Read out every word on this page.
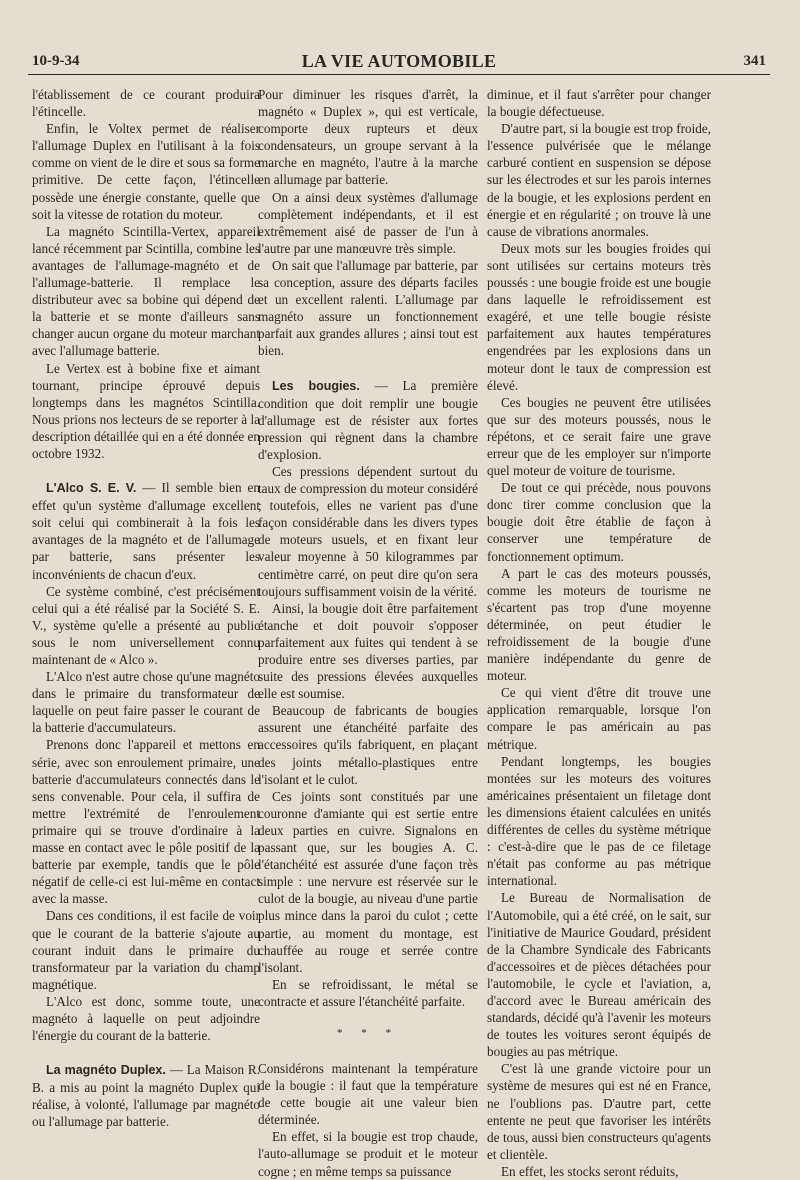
10-9-34	LA VIE AUTOMOBILE	341

l'établissement de ce courant produira l'étincelle.

Enfin, le Voltex permet de réaliser l'allumage Duplex en l'utilisant à la fois comme on vient de le dire et sous sa forme primitive. De cette façon, l'étincelle possède une énergie constante, quelle que soit la vitesse de rotation du moteur.

La magnéto Scintilla-Vertex, appareil lancé récemment par Scintilla, combine les avantages de l'allumage-magnéto et de l'allumage-batterie. Il remplace le distributeur avec sa bobine qui dépend de la batterie et se monte d'ailleurs sans changer aucun organe du moteur marchant avec l'allumage batterie.

Le Vertex est à bobine fixe et aimant tournant, principe éprouvé depuis longtemps dans les magnétos Scintilla. Nous prions nos lecteurs de se reporter à la description détaillée qui en a été donnée en octobre 1932.

L'Alco S. E. V. — Il semble bien en effet qu'un système d'allumage excellent soit celui qui combinerait à la fois les avantages de la magnéto et de l'allumage par batterie, sans présenter les inconvénients de chacun d'eux.

Ce système combiné, c'est précisément celui qui a été réalisé par la Société S. E. V., système qu'elle a présenté au public sous le nom universellement connu maintenant de « Alco ».

L'Alco n'est autre chose qu'une magnéto dans le primaire du transformateur de laquelle on peut faire passer le courant de la batterie d'accumulateurs.

Prenons donc l'appareil et mettons en série, avec son enroulement primaire, une batterie d'accumulateurs connectés dans le sens convenable. Pour cela, il suffira de mettre l'extrémité de l'enroulement primaire qui se trouve d'ordinaire à la masse en contact avec le pôle positif de la batterie par exemple, tandis que le pôle négatif de celle-ci est lui-même en contact avec la masse.

Dans ces conditions, il est facile de voir que le courant de la batterie s'ajoute au courant induit dans le primaire du transformateur par la variation du champ magnétique.

L'Alco est donc, somme toute, une magnéto à laquelle on peut adjoindre l'énergie du courant de la batterie.

La magnéto Duplex. — La Maison R. B. a mis au point la magnéto Duplex qui réalise, à volonté, l'allumage par magnéto ou l'allumage par batterie.

Pour diminuer les risques d'arrêt, la magnéto « Duplex », qui est verticale, comporte deux rupteurs et deux condensateurs, un groupe servant à la marche en magnéto, l'autre à la marche en allumage par batterie.

On a ainsi deux systèmes d'allumage complètement indépendants, et il est extrêmement aisé de passer de l'un à l'autre par une manœuvre très simple.

On sait que l'allumage par batterie, par sa conception, assure des départs faciles et un excellent ralenti. L'allumage par magnéto assure un fonctionnement parfait aux grandes allures ; ainsi tout est bien.

Les bougies. — La première condition que doit remplir une bougie d'allumage est de résister aux fortes pression qui règnent dans la chambre d'explosion.

Ces pressions dépendent surtout du taux de compression du moteur considéré ; toutefois, elles ne varient pas d'une façon considérable dans les divers types de moteurs usuels, et en fixant leur valeur moyenne à 50 kilogrammes par centimètre carré, on peut dire qu'on sera toujours suffisamment voisin de la vérité.

Ainsi, la bougie doit être parfaitement étanche et doit pouvoir s'opposer parfaitement aux fuites qui tendent à se produire entre ses diverses parties, par suite des pressions élevées auxquelles elle est soumise.

Beaucoup de fabricants de bougies assurent une étanchéité parfaite des accessoires qu'ils fabriquent, en plaçant des joints métallo-plastiques entre l'isolant et le culot.

Ces joints sont constitués par une couronne d'amiante qui est sertie entre deux parties en cuivre. Signalons en passant que, sur les bougies A. C. l'étanchéité est assurée d'une façon très simple : une nervure est réservée sur le culot de la bougie, au niveau d'une partie plus mince dans la paroi du culot ; cette partie, au moment du montage, est chauffée au rouge et serrée contre l'isolant.

En se refroidissant, le métal se contracte et assure l'étanchéité parfaite.

* * *

Considérons maintenant la température de la bougie : il faut que la température de cette bougie ait une valeur bien déterminée.

En effet, si la bougie est trop chaude, l'auto-allumage se produit et le moteur cogne ; en même temps sa puissance

diminue, et il faut s'arrêter pour changer la bougie défectueuse.

D'autre part, si la bougie est trop froide, l'essence pulvérisée que le mélange carburé contient en suspension se dépose sur les électrodes et sur les parois internes de la bougie, et les explosions perdent en énergie et en régularité ; on trouve là une cause de vibrations anormales.

Deux mots sur les bougies froides qui sont utilisées sur certains moteurs très poussés : une bougie froide est une bougie dans laquelle le refroidissement est exagéré, et une telle bougie résiste parfaitement aux hautes températures engendrées par les explosions dans un moteur dont le taux de compression est élevé.

Ces bougies ne peuvent être utilisées que sur des moteurs poussés, nous le répétons, et ce serait faire une grave erreur que de les employer sur n'importe quel moteur de voiture de tourisme.

De tout ce qui précède, nous pouvons donc tirer comme conclusion que la bougie doit être établie de façon à conserver une température de fonctionnement optimum.

A part le cas des moteurs poussés, comme les moteurs de tourisme ne s'écartent pas trop d'une moyenne déterminée, on peut étudier le refroidissement de la bougie d'une manière indépendante du genre de moteur.

Ce qui vient d'être dit trouve une application remarquable, lorsque l'on compare le pas américain au pas métrique.

Pendant longtemps, les bougies montées sur les moteurs des voitures américaines présentaient un filetage dont les dimensions étaient calculées en unités différentes de celles du système métrique : c'est-à-dire que le pas de ce filetage n'était pas conforme au pas métrique international.

Le Bureau de Normalisation de l'Automobile, qui a été créé, on le sait, sur l'initiative de Maurice Goudard, président de la Chambre Syndicale des Fabricants d'accessoires et de pièces détachées pour l'automobile, le cycle et l'aviation, a, d'accord avec le Bureau américain des standards, décidé qu'à l'avenir les moteurs de toutes les voitures seront équipés de bougies au pas métrique.

C'est là une grande victoire pour un système de mesures qui est né en France, ne l'oublions pas. D'autre part, cette entente ne peut que favoriser les intérêts de tous, aussi bien constructeurs qu'agents et clientèle.

En effet, les stocks seront réduits,
